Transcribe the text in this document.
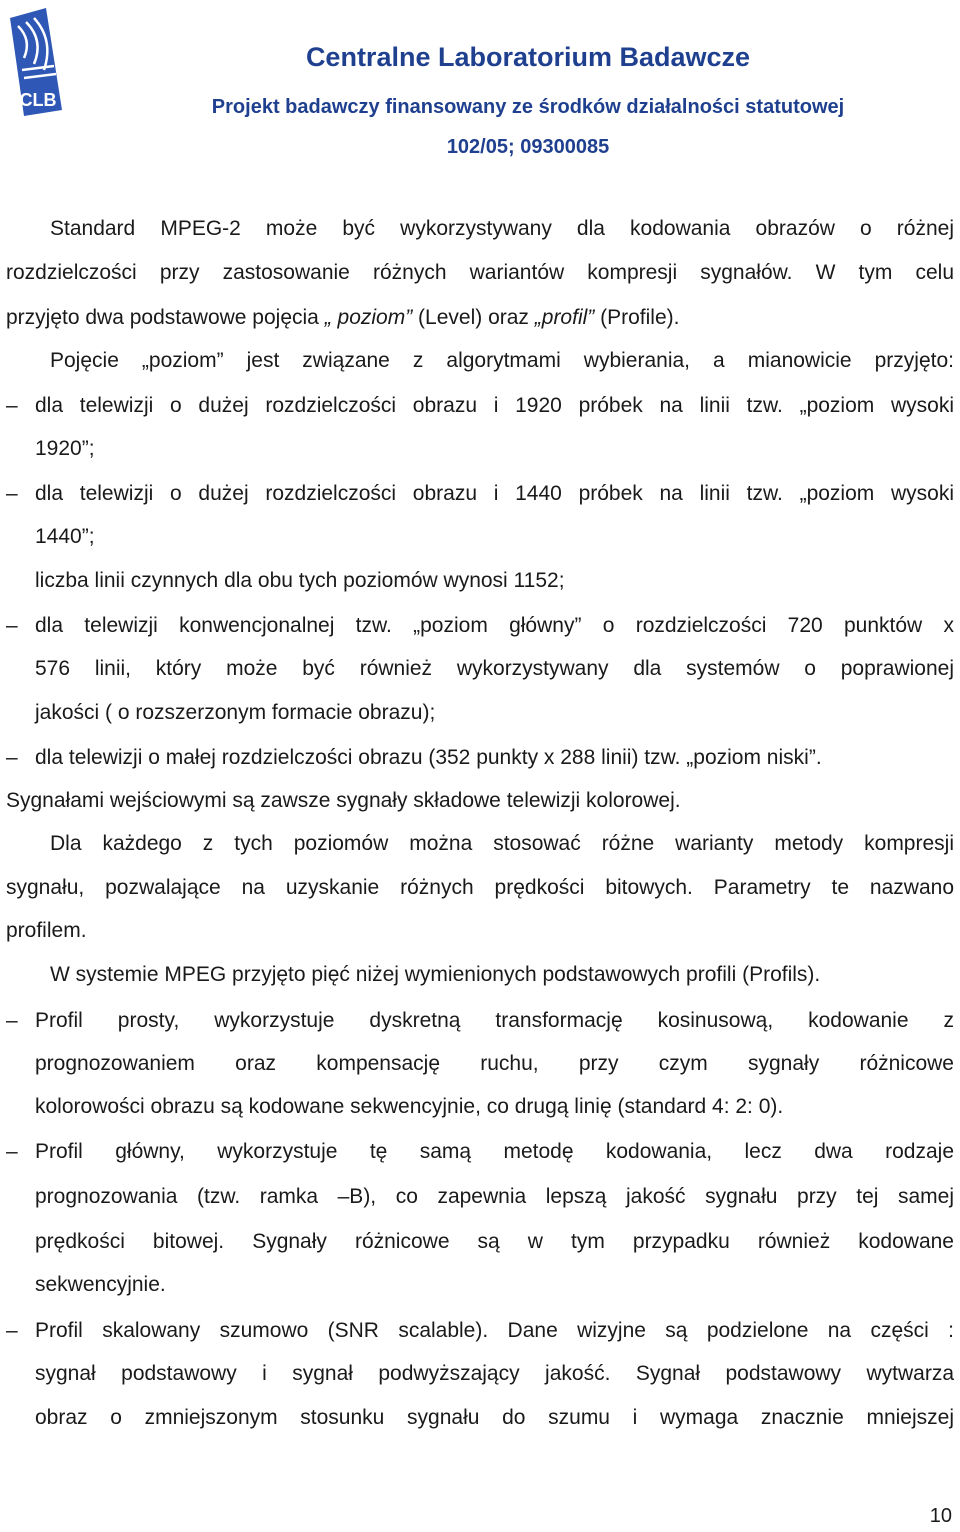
CLB
Centralne Laboratorium Badawcze
Projekt badawczy finansowany ze środków działalności statutowej
102/05; 09300085
Standard MPEG-2 może być wykorzystywany dla kodowania obrazów o różnej
rozdzielczości przy zastosowanie różnych wariantów kompresji sygnałów. W tym celu
przyjęto dwa podstawowe pojęcia „ poziom” (Level) oraz „profil” (Profile).
Pojęcie „poziom” jest związane z algorytmami wybierania, a mianowicie przyjęto:
– dla telewizji o dużej rozdzielczości obrazu i 1920 próbek na linii tzw. „poziom wysoki
1920”;
– dla telewizji o dużej rozdzielczości obrazu i 1440 próbek na linii tzw. „poziom wysoki
1440”;
liczba linii czynnych dla obu tych poziomów wynosi 1152;
– dla telewizji konwencjonalnej tzw. „poziom główny” o rozdzielczości 720 punktów x
576 linii, który może być również wykorzystywany dla systemów o poprawionej
jakości ( o rozszerzonym formacie obrazu);
– dla telewizji o małej rozdzielczości obrazu (352 punkty x 288 linii) tzw. „poziom niski”.
Sygnałami wejściowymi są zawsze sygnały składowe telewizji kolorowej.
Dla każdego z tych poziomów można stosować różne warianty metody kompresji
sygnału, pozwalające na uzyskanie różnych prędkości bitowych. Parametry te nazwano
profilem.
W systemie MPEG przyjęto pięć niżej wymienionych podstawowych profili (Profils).
– Profil prosty, wykorzystuje dyskretną transformację kosinusową, kodowanie z
prognozowaniem oraz kompensację ruchu, przy czym sygnały różnicowe
kolorowości obrazu są kodowane sekwencyjnie, co drugą linię (standard 4: 2: 0).
– Profil główny, wykorzystuje tę samą metodę kodowania, lecz dwa rodzaje
prognozowania (tzw. ramka –B), co zapewnia lepszą jakość sygnału przy tej samej
prędkości bitowej. Sygnały różnicowe są w tym przypadku również kodowane
sekwencyjnie.
– Profil skalowany szumowo (SNR scalable). Dane wizyjne są podzielone na części :
sygnał podstawowy i sygnał podwyższający jakość. Sygnał podstawowy wytwarza
obraz o zmniejszonym stosunku sygnału do szumu i wymaga znacznie mniejszej
10
